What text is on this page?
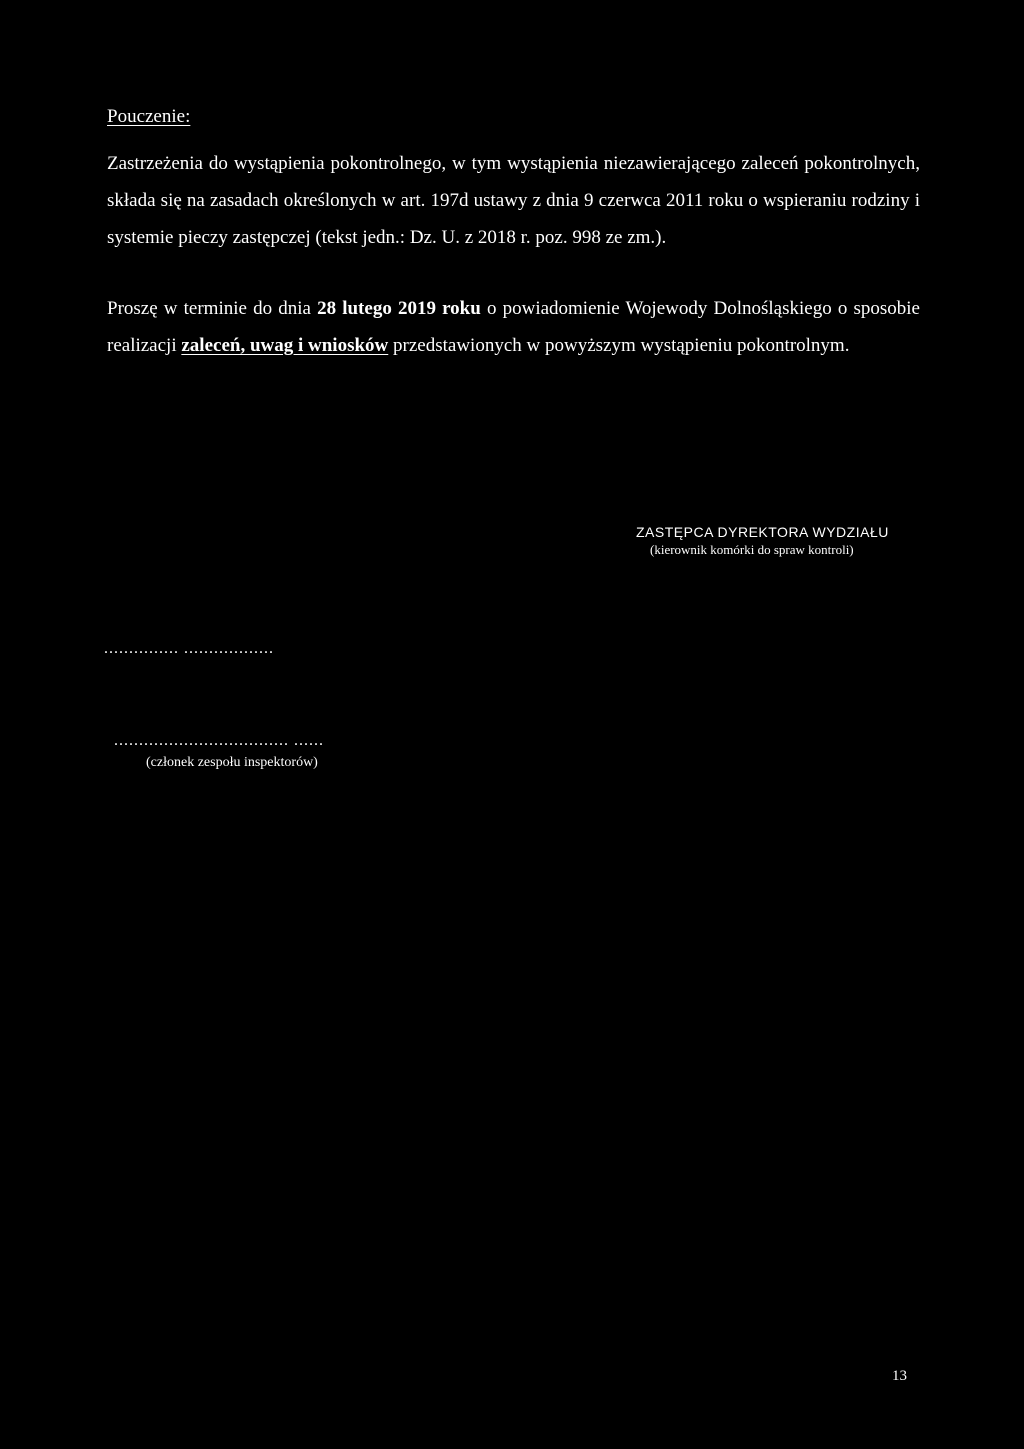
Pouczenie:
Zastrzeżenia do wystąpienia pokontrolnego, w tym wystąpienia niezawierającego zaleceń pokontrolnych, składa się na zasadach określonych w art. 197d ustawy z dnia 9 czerwca 2011 roku o wspieraniu rodziny i systemie pieczy zastępczej (tekst jedn.: Dz. U. z 2018 r. poz. 998 ze zm.).
Proszę w terminie do dnia 28 lutego 2019 roku o powiadomienie Wojewody Dolnośląskiego o sposobie realizacji zaleceń, uwag i wniosków przedstawionych w powyższym wystąpieniu pokontrolnym.
ZASTĘPCA DYREKTORA WYDZIAŁU
(kierownik komórki do spraw kontroli)
............... ..................
................................... ......
(członek zespołu inspektorów)
13
